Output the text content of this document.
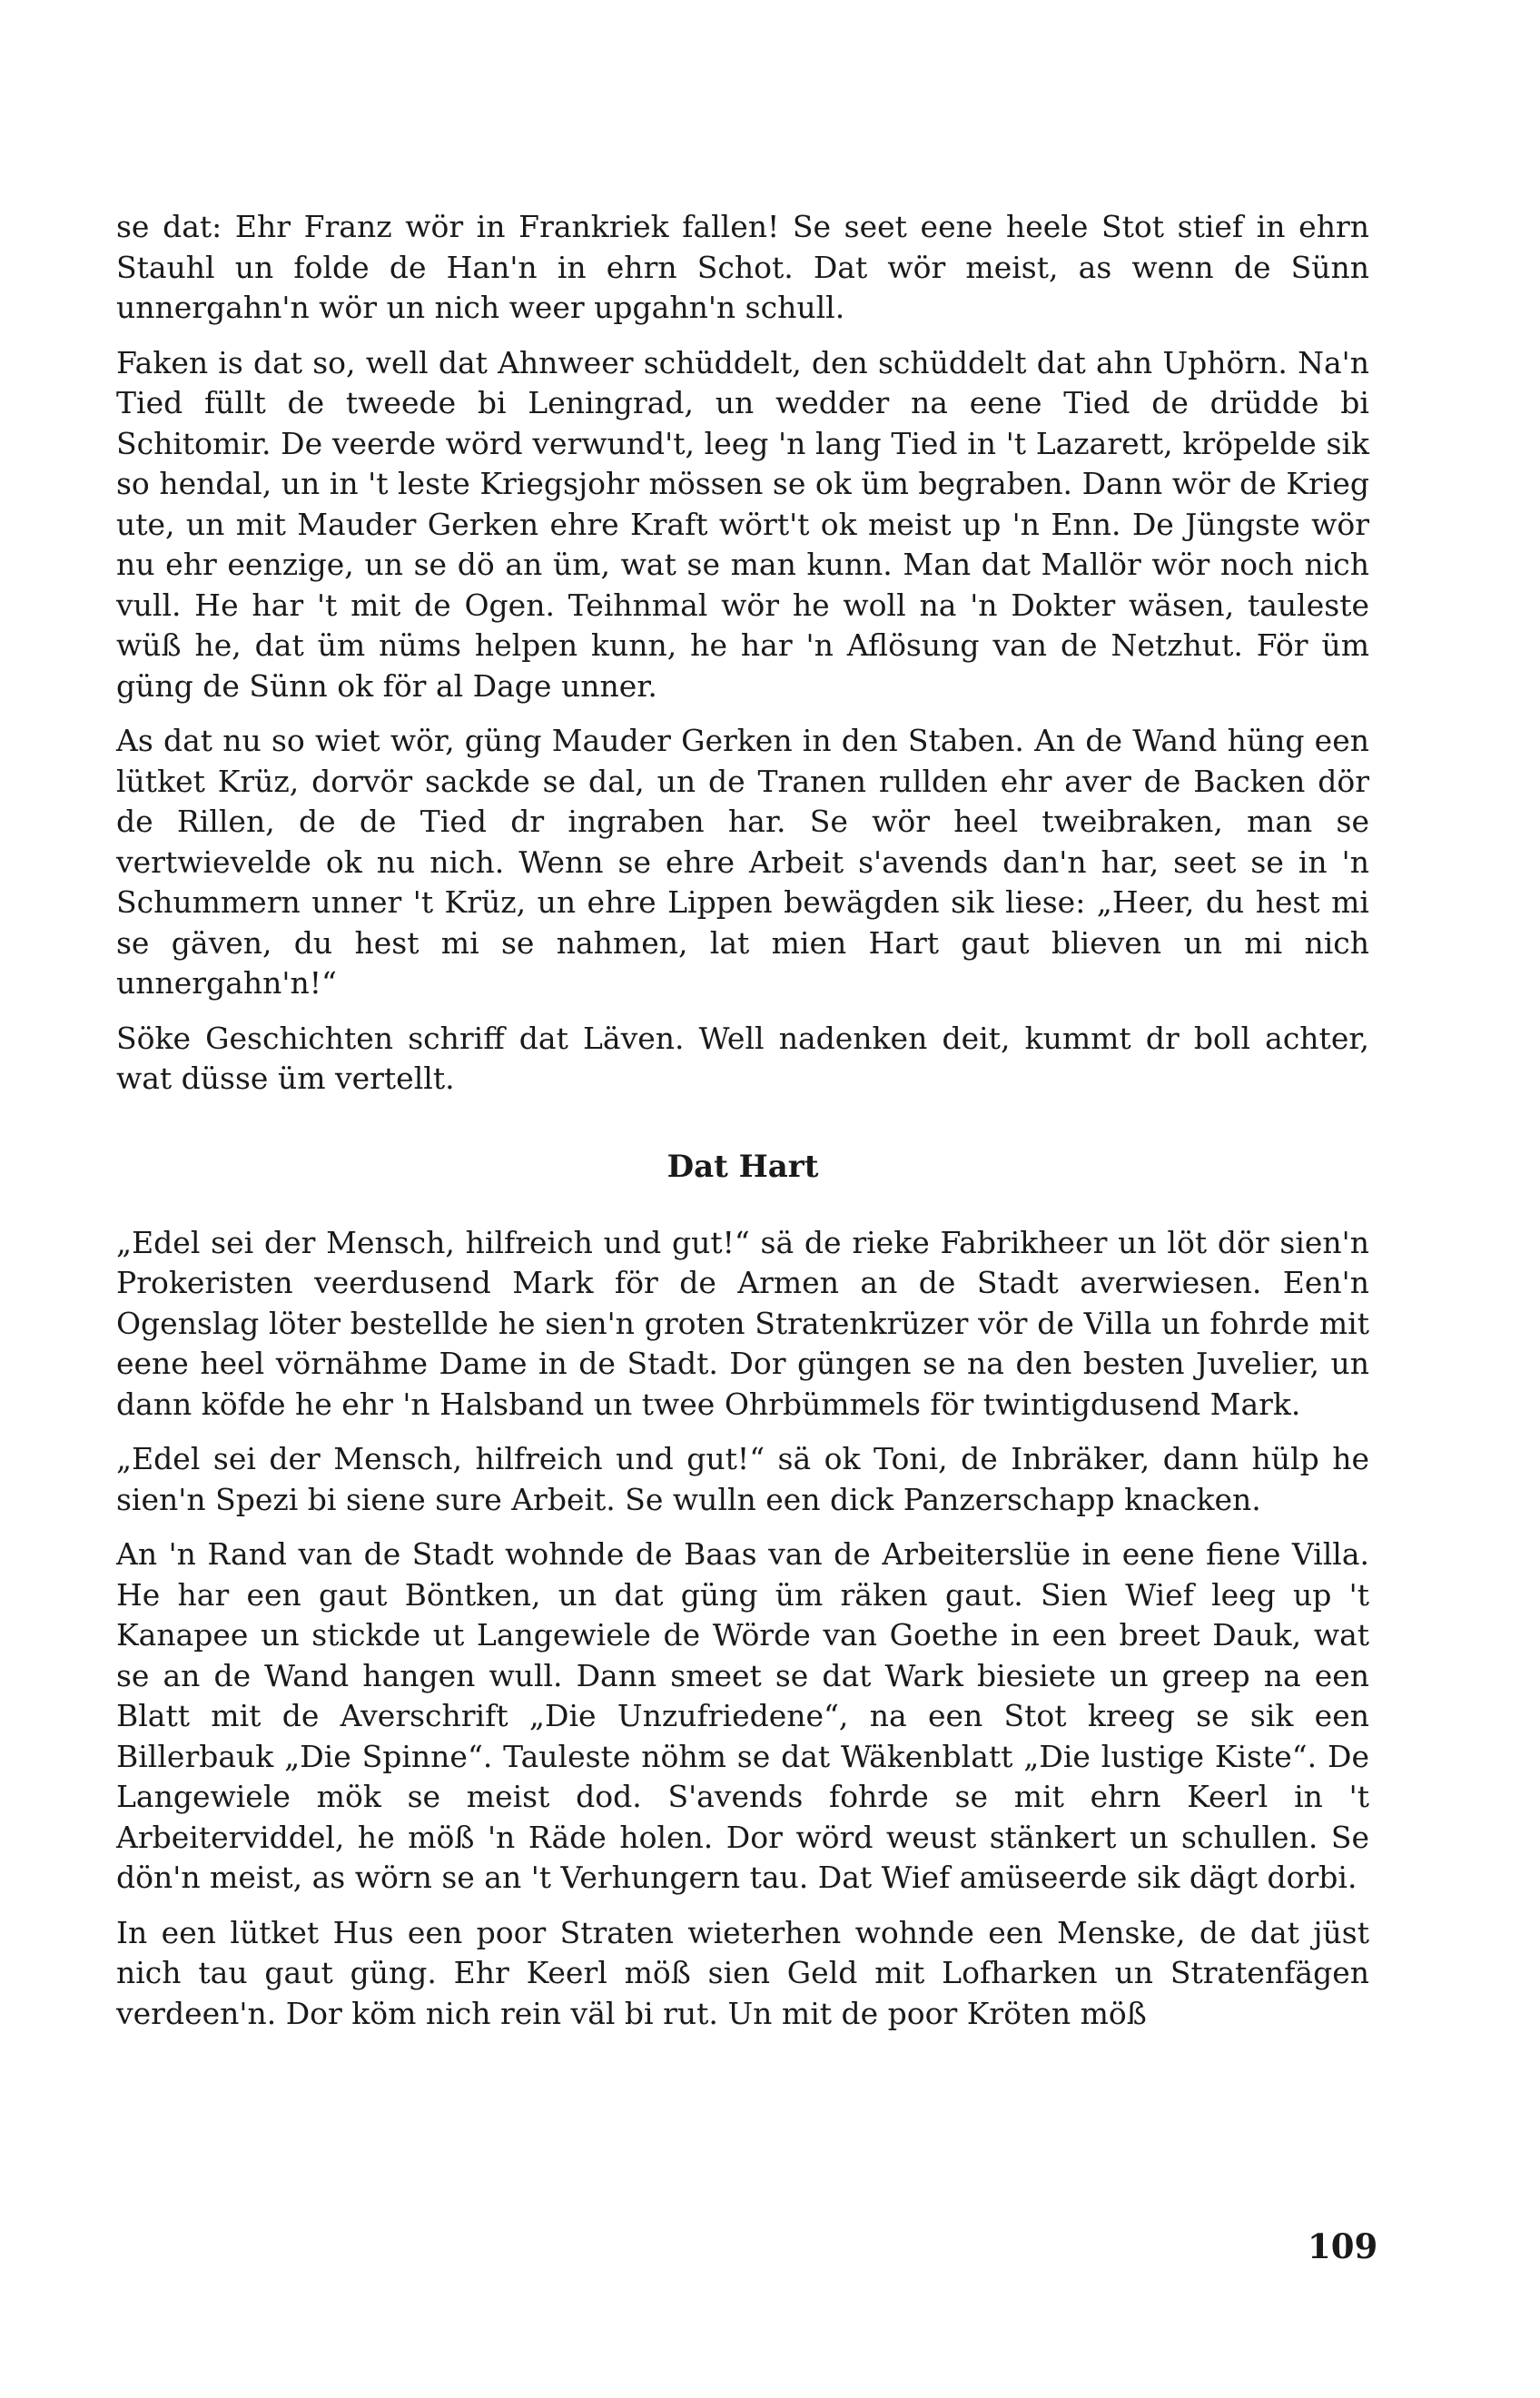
se dat: Ehr Franz wör in Frankriek fallen! Se seet eene heele Stot stief in ehrn Stauhl un folde de Han'n in ehrn Schot. Dat wör meist, as wenn de Sünn unnergahn'n wör un nich weer upgahn'n schull.

Faken is dat so, well dat Ahnweer schüddelt, den schüddelt dat ahn Uphörn. Na'n Tied füllt de tweede bi Leningrad, un wedder na eene Tied de drüdde bi Schitomir. De veerde wörd verwund't, leeg 'n lang Tied in 't Lazarett, kröpelde sik so hendal, un in 't leste Kriegsjohr mössen se ok üm begraben. Dann wör de Krieg ute, un mit Mauder Gerken ehre Kraft wört't ok meist up 'n Enn. De Jüngste wör nu ehr eenzige, un se dö an üm, wat se man kunn. Man dat Mallör wör noch nich vull. He har 't mit de Ogen. Teihnmal wör he woll na 'n Dokter wäsen, tauleste wüß he, dat üm nüms helpen kunn, he har 'n Aflösung van de Netzhut. För üm güng de Sünn ok för al Dage unner.

As dat nu so wiet wör, güng Mauder Gerken in den Staben. An de Wand hüng een lütket Krüz, dorvör sackde se dal, un de Tranen rullden ehr aver de Backen dör de Rillen, de de Tied dr ingraben har. Se wör heel tweibraken, man se vertwievelde ok nu nich. Wenn se ehre Arbeit s'avends dan'n har, seet se in 'n Schummern unner 't Krüz, un ehre Lippen bewägden sik liese: „Heer, du hest mi se gäven, du hest mi se nahmen, lat mien Hart gaut blieven un mi nich unnergahn'n!“

Söke Geschichten schriff dat Läven. Well nadenken deit, kummt dr boll achter, wat düsse üm vertellt.

Dat Hart

„Edel sei der Mensch, hilfreich und gut!“ sä de rieke Fabrikheer un löt dör sien'n Prokeristen veerdusend Mark för de Armen an de Stadt averwiesen. Een'n Ogenslag löter bestellde he sien'n groten Stratenkrüzer vör de Villa un fohrde mit eene heel vörnähme Dame in de Stadt. Dor güngen se na den besten Juvelier, un dann köfde he ehr 'n Halsband un twee Ohrbümmels för twintigdusend Mark.

„Edel sei der Mensch, hilfreich und gut!“ sä ok Toni, de Inbräker, dann hülp he sien'n Spezi bi siene sure Arbeit. Se wulln een dick Panzerschapp knacken.

An 'n Rand van de Stadt wohnde de Baas van de Arbeiterslüe in eene fiene Villa. He har een gaut Böntken, un dat güng üm räken gaut. Sien Wief leeg up 't Kanapee un stickde ut Langewiele de Wörde van Goethe in een breet Dauk, wat se an de Wand hangen wull. Dann smeet se dat Wark biesiete un greep na een Blatt mit de Averschrift „Die Unzufriedene“, na een Stot kreeg se sik een Billerbauk „Die Spinne“. Tauleste nöhm se dat Wäkenblatt „Die lustige Kiste“. De Langewiele mök se meist dod. S'avends fohrde se mit ehrn Keerl in 't Arbeiterviddel, he möß 'n Räde holen. Dor wörd weust stänkert un schullen. Se dön'n meist, as wörn se an 't Verhungern tau. Dat Wief amüseerde sik dägt dorbi.

In een lütket Hus een poor Straten wieterhen wohnde een Menske, de dat jüst nich tau gaut güng. Ehr Keerl möß sien Geld mit Lofharken un Stratenfägen verdeen'n. Dor köm nich rein väl bi rut. Un mit de poor Kröten möß

109
